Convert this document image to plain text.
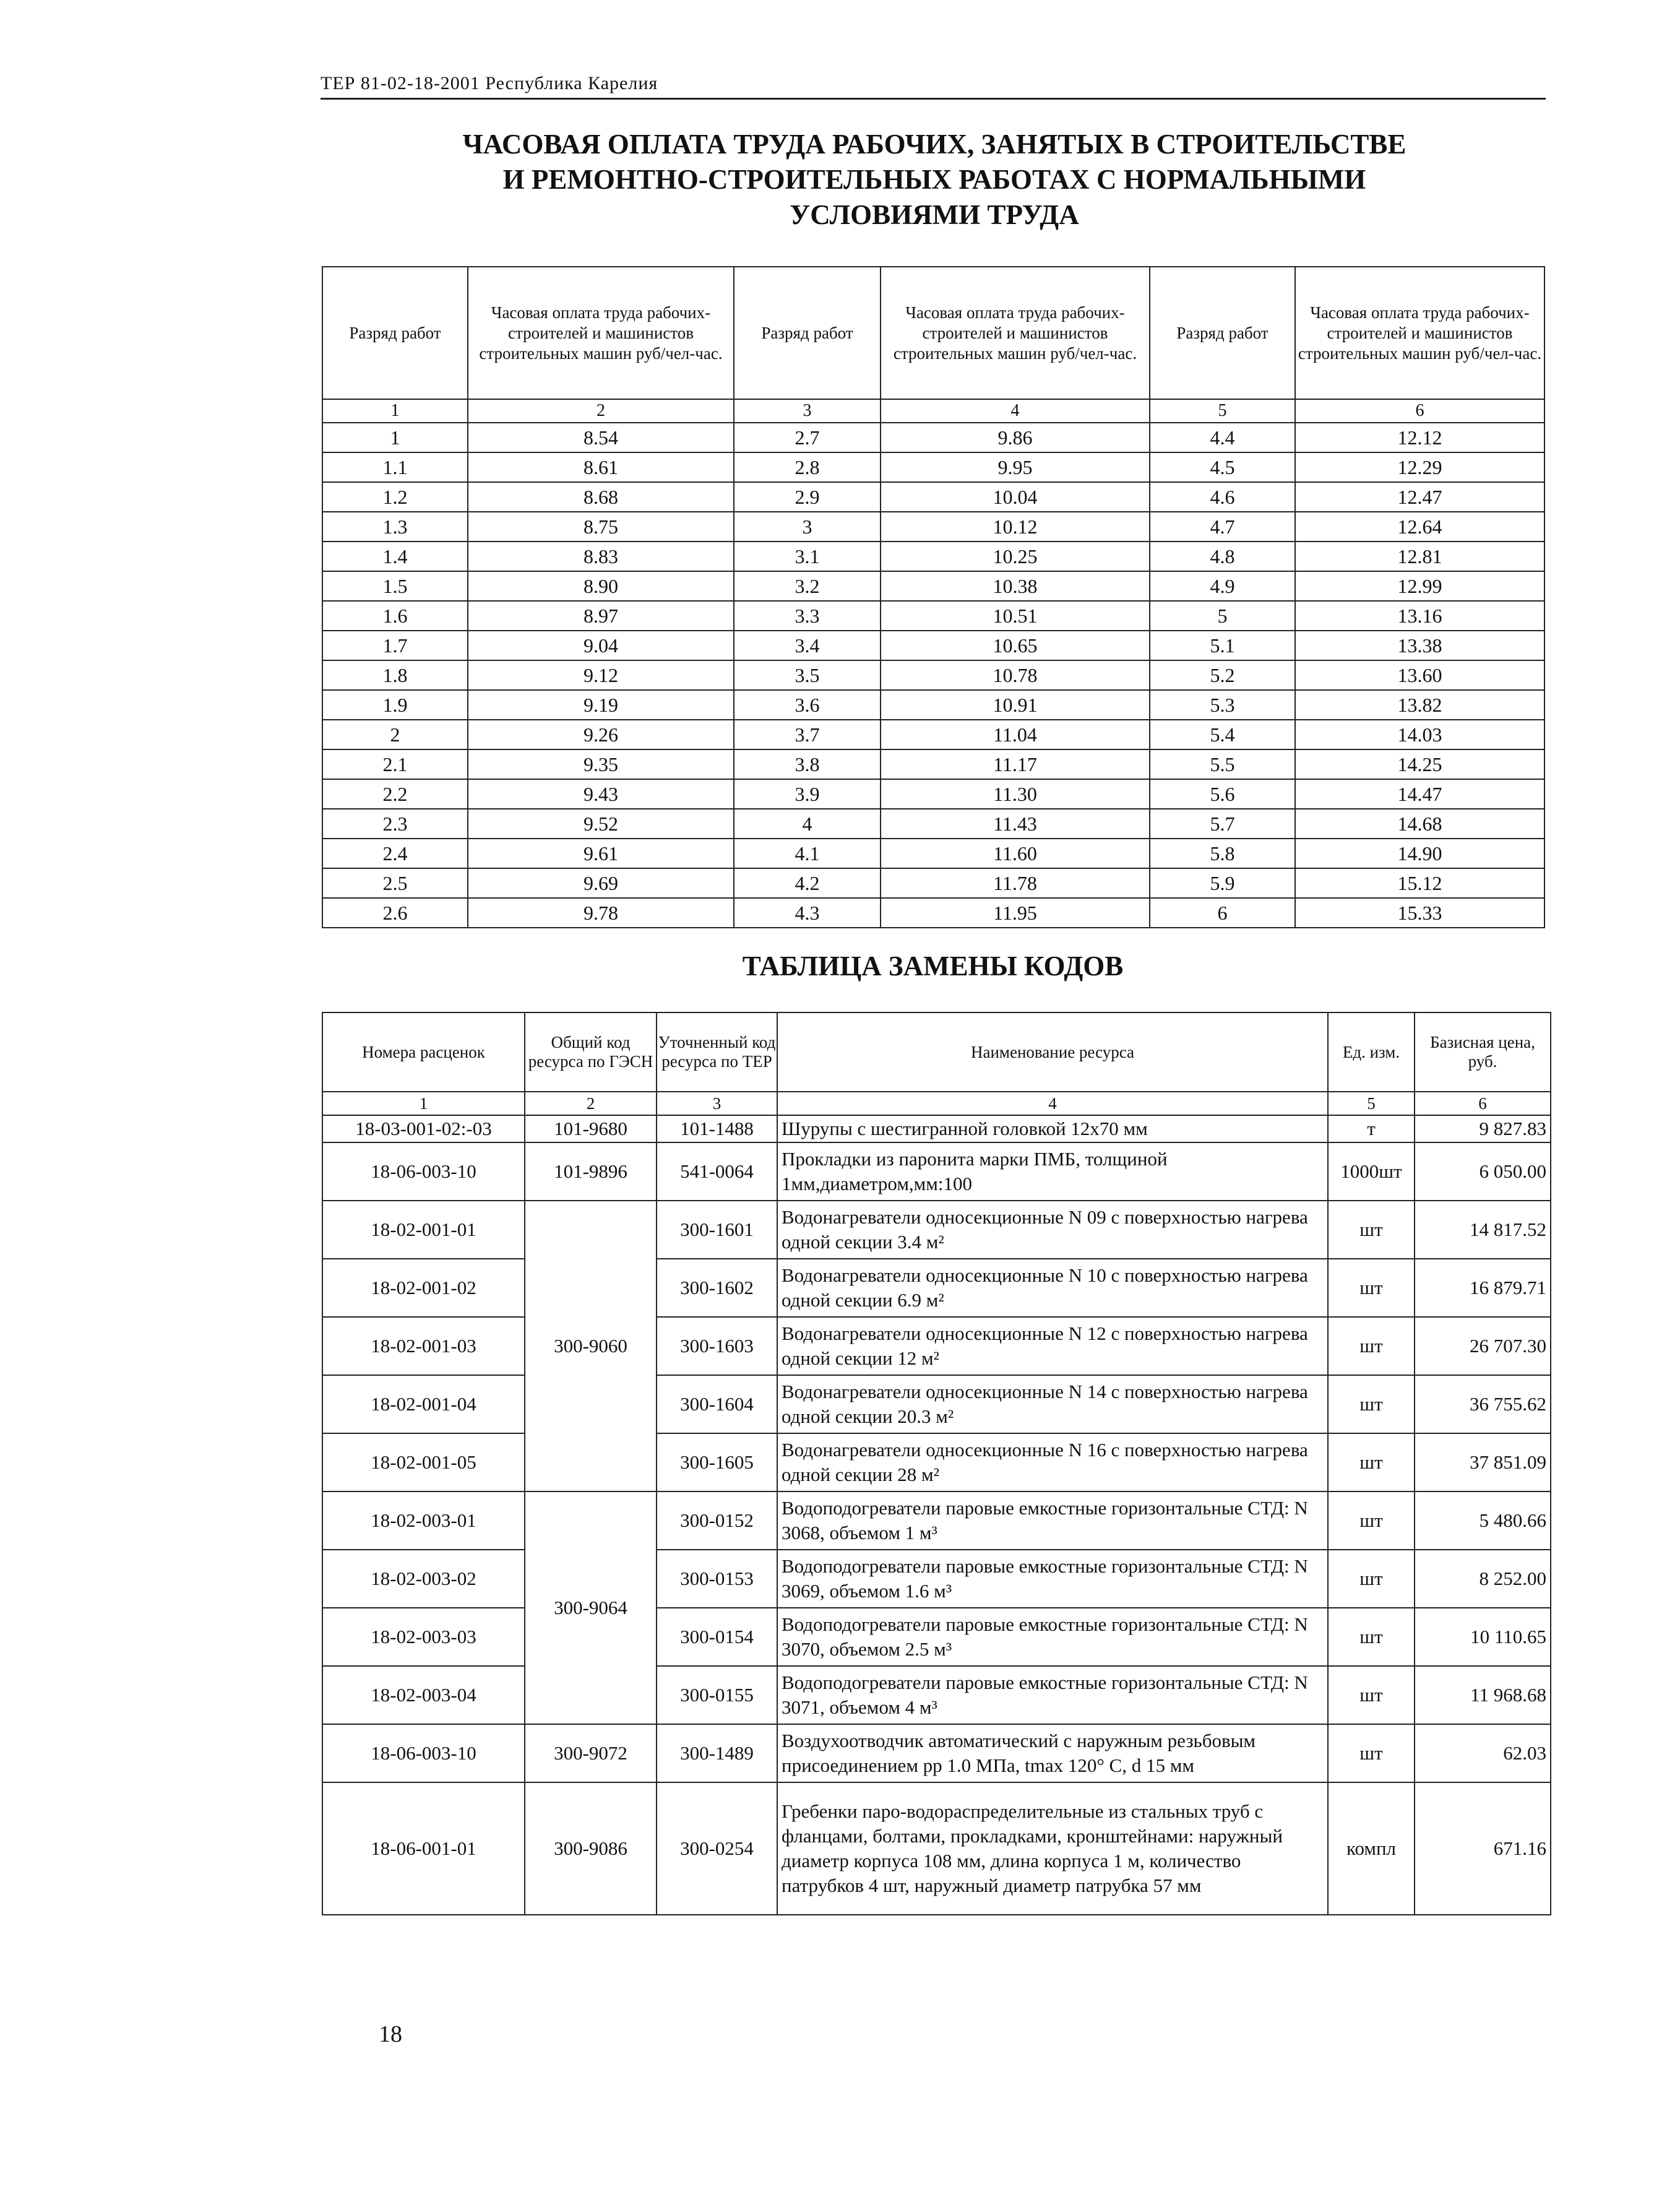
ТЕР 81-02-18-2001 Республика Карелия
ЧАСОВАЯ ОПЛАТА ТРУДА РАБОЧИХ, ЗАНЯТЫХ В СТРОИТЕЛЬСТВЕ
И РЕМОНТНО-СТРОИТЕЛЬНЫХ РАБОТАХ С НОРМАЛЬНЫМИ
УСЛОВИЯМИ ТРУДА
Разряд работ	Часовая оплата труда рабочих-строителей и машинистов строительных машин руб/чел-час.	Разряд работ	Часовая оплата труда рабочих-строителей и машинистов строительных машин руб/чел-час.	Разряд работ	Часовая оплата труда рабочих-строителей и машинистов строительных машин руб/чел-час.
1	2	3	4	5	6
1	8.54	2.7	9.86	4.4	12.12
1.1	8.61	2.8	9.95	4.5	12.29
1.2	8.68	2.9	10.04	4.6	12.47
1.3	8.75	3	10.12	4.7	12.64
1.4	8.83	3.1	10.25	4.8	12.81
1.5	8.90	3.2	10.38	4.9	12.99
1.6	8.97	3.3	10.51	5	13.16
1.7	9.04	3.4	10.65	5.1	13.38
1.8	9.12	3.5	10.78	5.2	13.60
1.9	9.19	3.6	10.91	5.3	13.82
2	9.26	3.7	11.04	5.4	14.03
2.1	9.35	3.8	11.17	5.5	14.25
2.2	9.43	3.9	11.30	5.6	14.47
2.3	9.52	4	11.43	5.7	14.68
2.4	9.61	4.1	11.60	5.8	14.90
2.5	9.69	4.2	11.78	5.9	15.12
2.6	9.78	4.3	11.95	6	15.33
ТАБЛИЦА ЗАМЕНЫ КОДОВ
Номера расценок	Общий код ресурса по ГЭСН	Уточненный код ресурса по ТЕР	Наименование ресурса	Ед. изм.	Базисная цена, руб.
1	2	3	4	5	6
18-03-001-02:-03	101-9680	101-1488	Шурупы с шестигранной головкой 12х70 мм	т	9 827.83
18-06-003-10	101-9896	541-0064	Прокладки из паронита марки ПМБ, толщиной 1мм,диаметром,мм:100	1000шт	6 050.00
18-02-001-01	300-9060	300-1601	Водонагреватели односекционные N 09 с поверхностью нагрева одной секции 3.4 м²	шт	14 817.52
18-02-001-02		300-1602	Водонагреватели односекционные N 10 с поверхностью нагрева одной секции 6.9 м²	шт	16 879.71
18-02-001-03		300-1603	Водонагреватели односекционные N 12 с поверхностью нагрева одной секции 12 м²	шт	26 707.30
18-02-001-04		300-1604	Водонагреватели односекционные N 14 с поверхностью нагрева одной секции 20.3 м²	шт	36 755.62
18-02-001-05		300-1605	Водонагреватели односекционные N 16 с поверхностью нагрева одной секции 28 м²	шт	37 851.09
18-02-003-01	300-9064	300-0152	Водоподогреватели паровые емкостные горизонтальные СТД: N 3068, объемом 1 м³	шт	5 480.66
18-02-003-02		300-0153	Водоподогреватели паровые емкостные горизонтальные СТД: N 3069, объемом 1.6 м³	шт	8 252.00
18-02-003-03		300-0154	Водоподогреватели паровые емкостные горизонтальные СТД: N 3070, объемом 2.5 м³	шт	10 110.65
18-02-003-04		300-0155	Водоподогреватели паровые емкостные горизонтальные СТД: N 3071, объемом 4 м³	шт	11 968.68
18-06-003-10	300-9072	300-1489	Воздухоотводчик автоматический с наружным резьбовым присоединением pp 1.0 МПа, tmax 120° С, d 15 мм	шт	62.03
18-06-001-01	300-9086	300-0254	Гребенки паро-водораспределительные из стальных труб с фланцами, болтами, прокладками, кронштейнами: наружный диаметр корпуса 108 мм, длина корпуса 1 м, количество патрубков 4 шт, наружный диаметр патрубка 57 мм	компл	671.16
18
